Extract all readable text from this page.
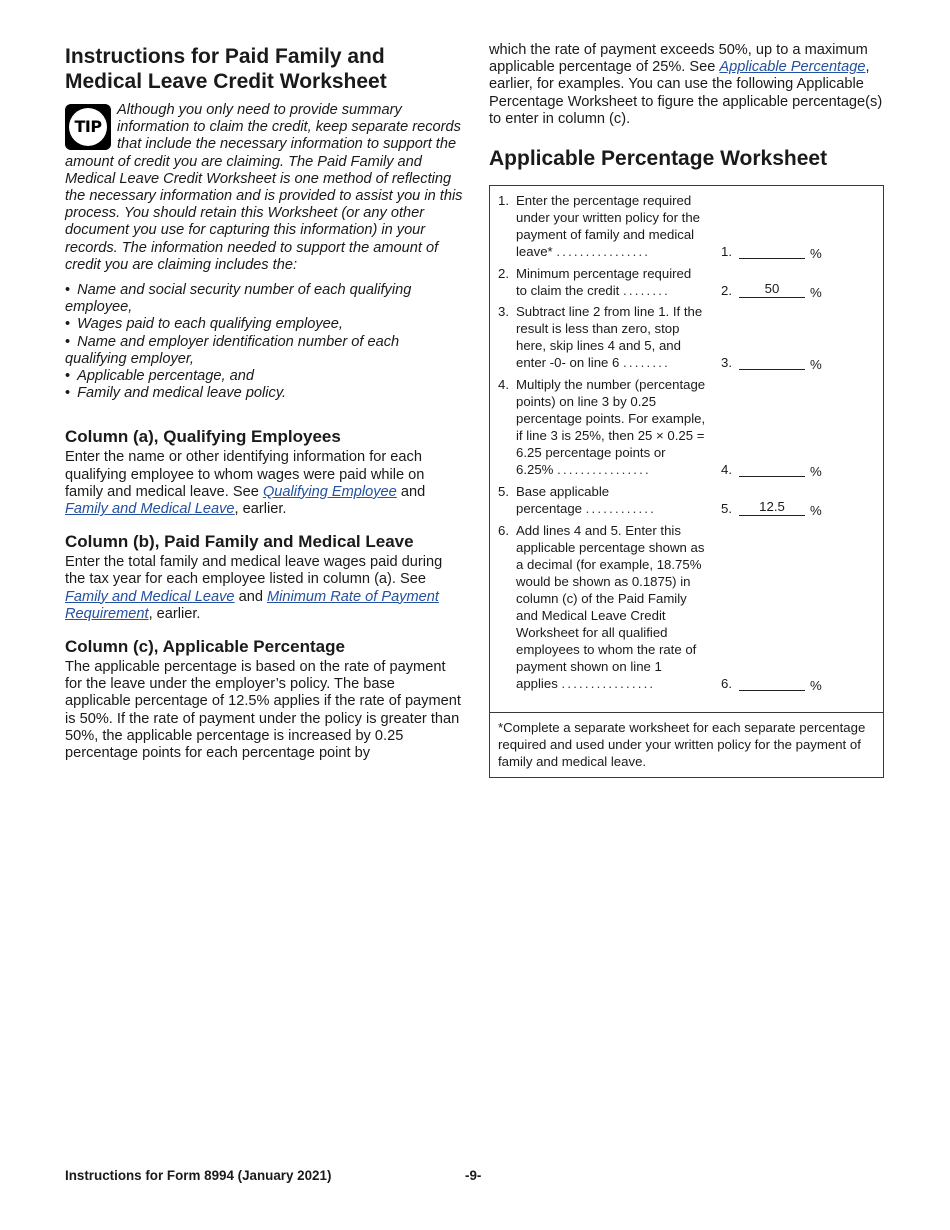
Instructions for Paid Family and Medical Leave Credit Worksheet
TIP
Although you only need to provide summary information to claim the credit, keep separate records that include the necessary information to support the amount of credit you are claiming. The Paid Family and Medical Leave Credit Worksheet is one method of reflecting the necessary information and is provided to assist you in this process. You should retain this Worksheet (or any other document you use for capturing this information) in your records. The information needed to support the amount of credit you are claiming includes the:
• Name and social security number of each qualifying employee,
• Wages paid to each qualifying employee,
• Name and employer identification number of each qualifying employer,
• Applicable percentage, and
• Family and medical leave policy.
Column (a), Qualifying Employees

Enter the name or other identifying information for each qualifying employee to whom wages were paid while on family and medical leave. See Qualifying Employee and Family and Medical Leave, earlier.

Column (b), Paid Family and Medical Leave

Enter the total family and medical leave wages paid during the tax year for each employee listed in column (a). See Family and Medical Leave and Minimum Rate of Payment Requirement, earlier.

Column (c), Applicable Percentage

The applicable percentage is based on the rate of payment for the leave under the employer’s policy. The base applicable percentage of 12.5% applies if the rate of payment is 50%. If the rate of payment under the policy is greater than 50%, the applicable percentage is increased by 0.25 percentage points for each percentage point by

which the rate of payment exceeds 50%, up to a maximum applicable percentage of 25%. See Applicable Percentage, earlier, for examples. You can use the following Applicable Percentage Worksheet to figure the applicable percentage(s) to enter in column (c).

Applicable Percentage Worksheet
*Complete a separate worksheet for each separate percentage required and used under your written policy for the payment of family and medical leave.
1. Enter the percentage required
under your written policy for the
payment of family and medical
leave* ................	1.	%
2. Minimum percentage required
to claim the credit ........	2.	50	%
3. Subtract line 2 from line 1. If the
result is less than zero, stop
here, skip lines 4 and 5, and
enter -0- on line 6 ........	3.	%
4. Multiply the number (percentage
points) on line 3 by 0.25
percentage points. For example,
if line 3 is 25%, then 25 × 0.25 =
6.25 percentage points or
6.25% ................	4.	%
5. Base applicable
percentage ............	5.	12.5	%
6. Add lines 4 and 5. Enter this
applicable percentage shown as
a decimal (for example, 18.75%
would be shown as 0.1875) in
column (c) of the Paid Family
and Medical Leave Credit
Worksheet for all qualified
employees to whom the rate of
payment shown on line 1
applies ................	6.	%
Instructions for Form 8994 (January 2021)	-9-
